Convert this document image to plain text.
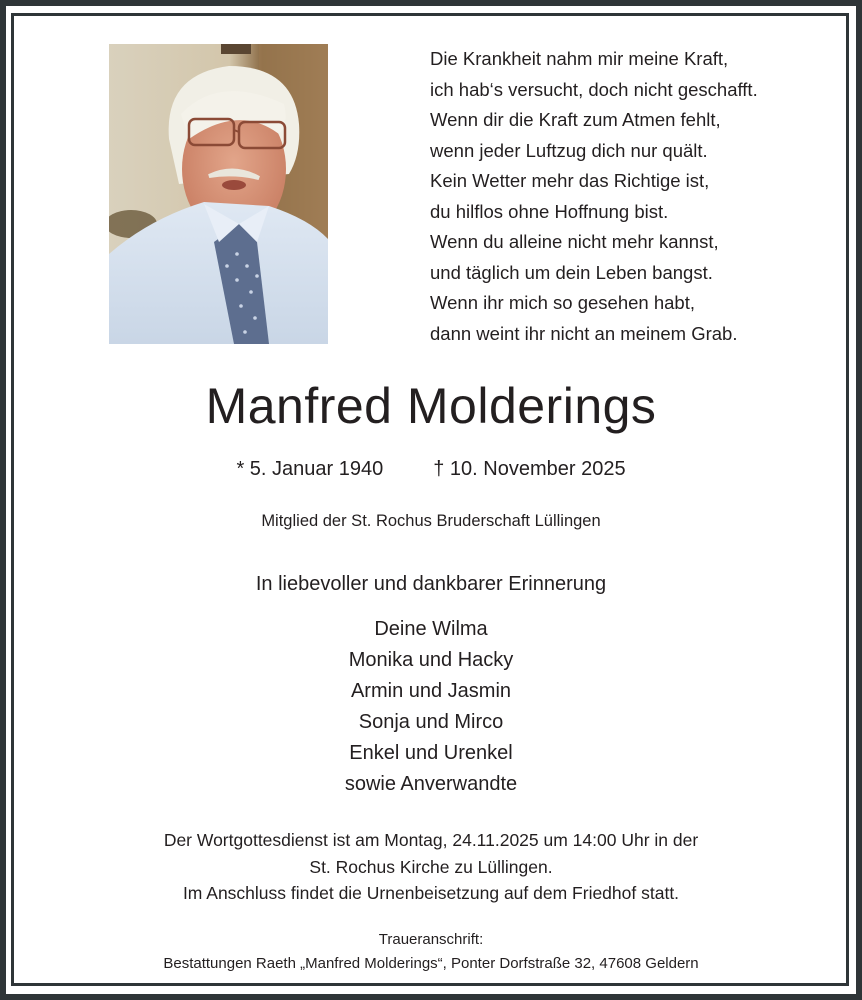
Die Krankheit nahm mir meine Kraft,
ich hab‘s versucht, doch nicht geschafft.
Wenn dir die Kraft zum Atmen fehlt,
wenn jeder Luftzug dich nur quält.
Kein Wetter mehr das Richtige ist,
du hilflos ohne Hoffnung bist.
Wenn du alleine nicht mehr kannst,
und täglich um dein Leben bangst.
Wenn ihr mich so gesehen habt,
dann weint ihr nicht an meinem Grab.
Manfred Molderings
* 5. Januar 1940	† 10. November 2025
Mitglied der St. Rochus Bruderschaft Lüllingen
In liebevoller und dankbarer Erinnerung
Deine Wilma
Monika und Hacky
Armin und Jasmin
Sonja und Mirco
Enkel und Urenkel
sowie Anverwandte
Der Wortgottesdienst ist am Montag, 24.11.2025 um 14:00 Uhr in der
St. Rochus Kirche zu Lüllingen.
Im Anschluss findet die Urnenbeisetzung auf dem Friedhof statt.
Traueranschrift:
Bestattungen Raeth „Manfred Molderings“, Ponter Dorfstraße 32, 47608 Geldern
